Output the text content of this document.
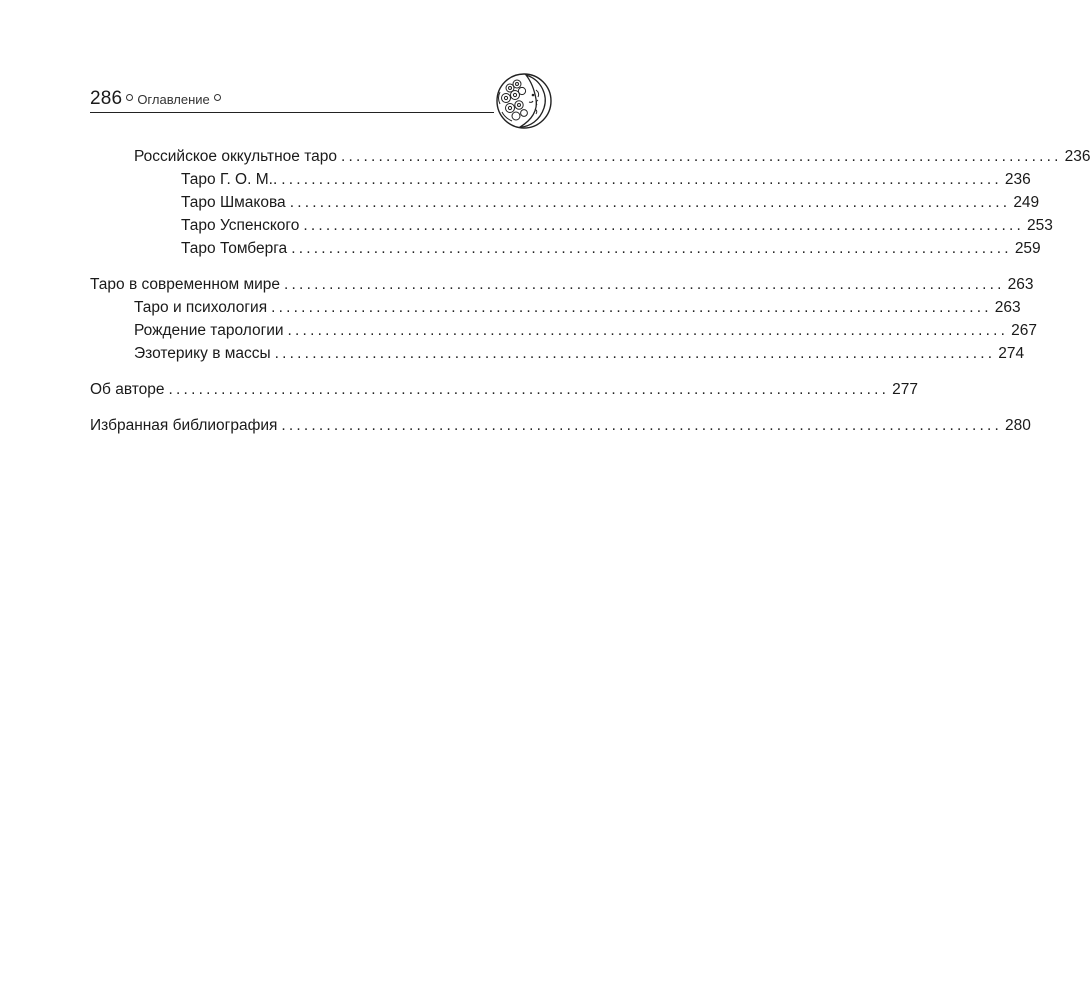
286 Оглавление
Российское оккультное таро ................................................................................................ 236
Таро Г. О. М.. ................................................................................................ 236
Таро Шмакова ................................................................................................ 249
Таро Успенского ................................................................................................ 253
Таро Томберга ................................................................................................ 259
Таро в современном мире ................................................................................................ 263
Таро и психология ................................................................................................ 263
Рождение тарологии ................................................................................................ 267
Эзотерику в массы ................................................................................................ 274
Об авторе ................................................................................................ 277
Избранная библиография ................................................................................................ 280
